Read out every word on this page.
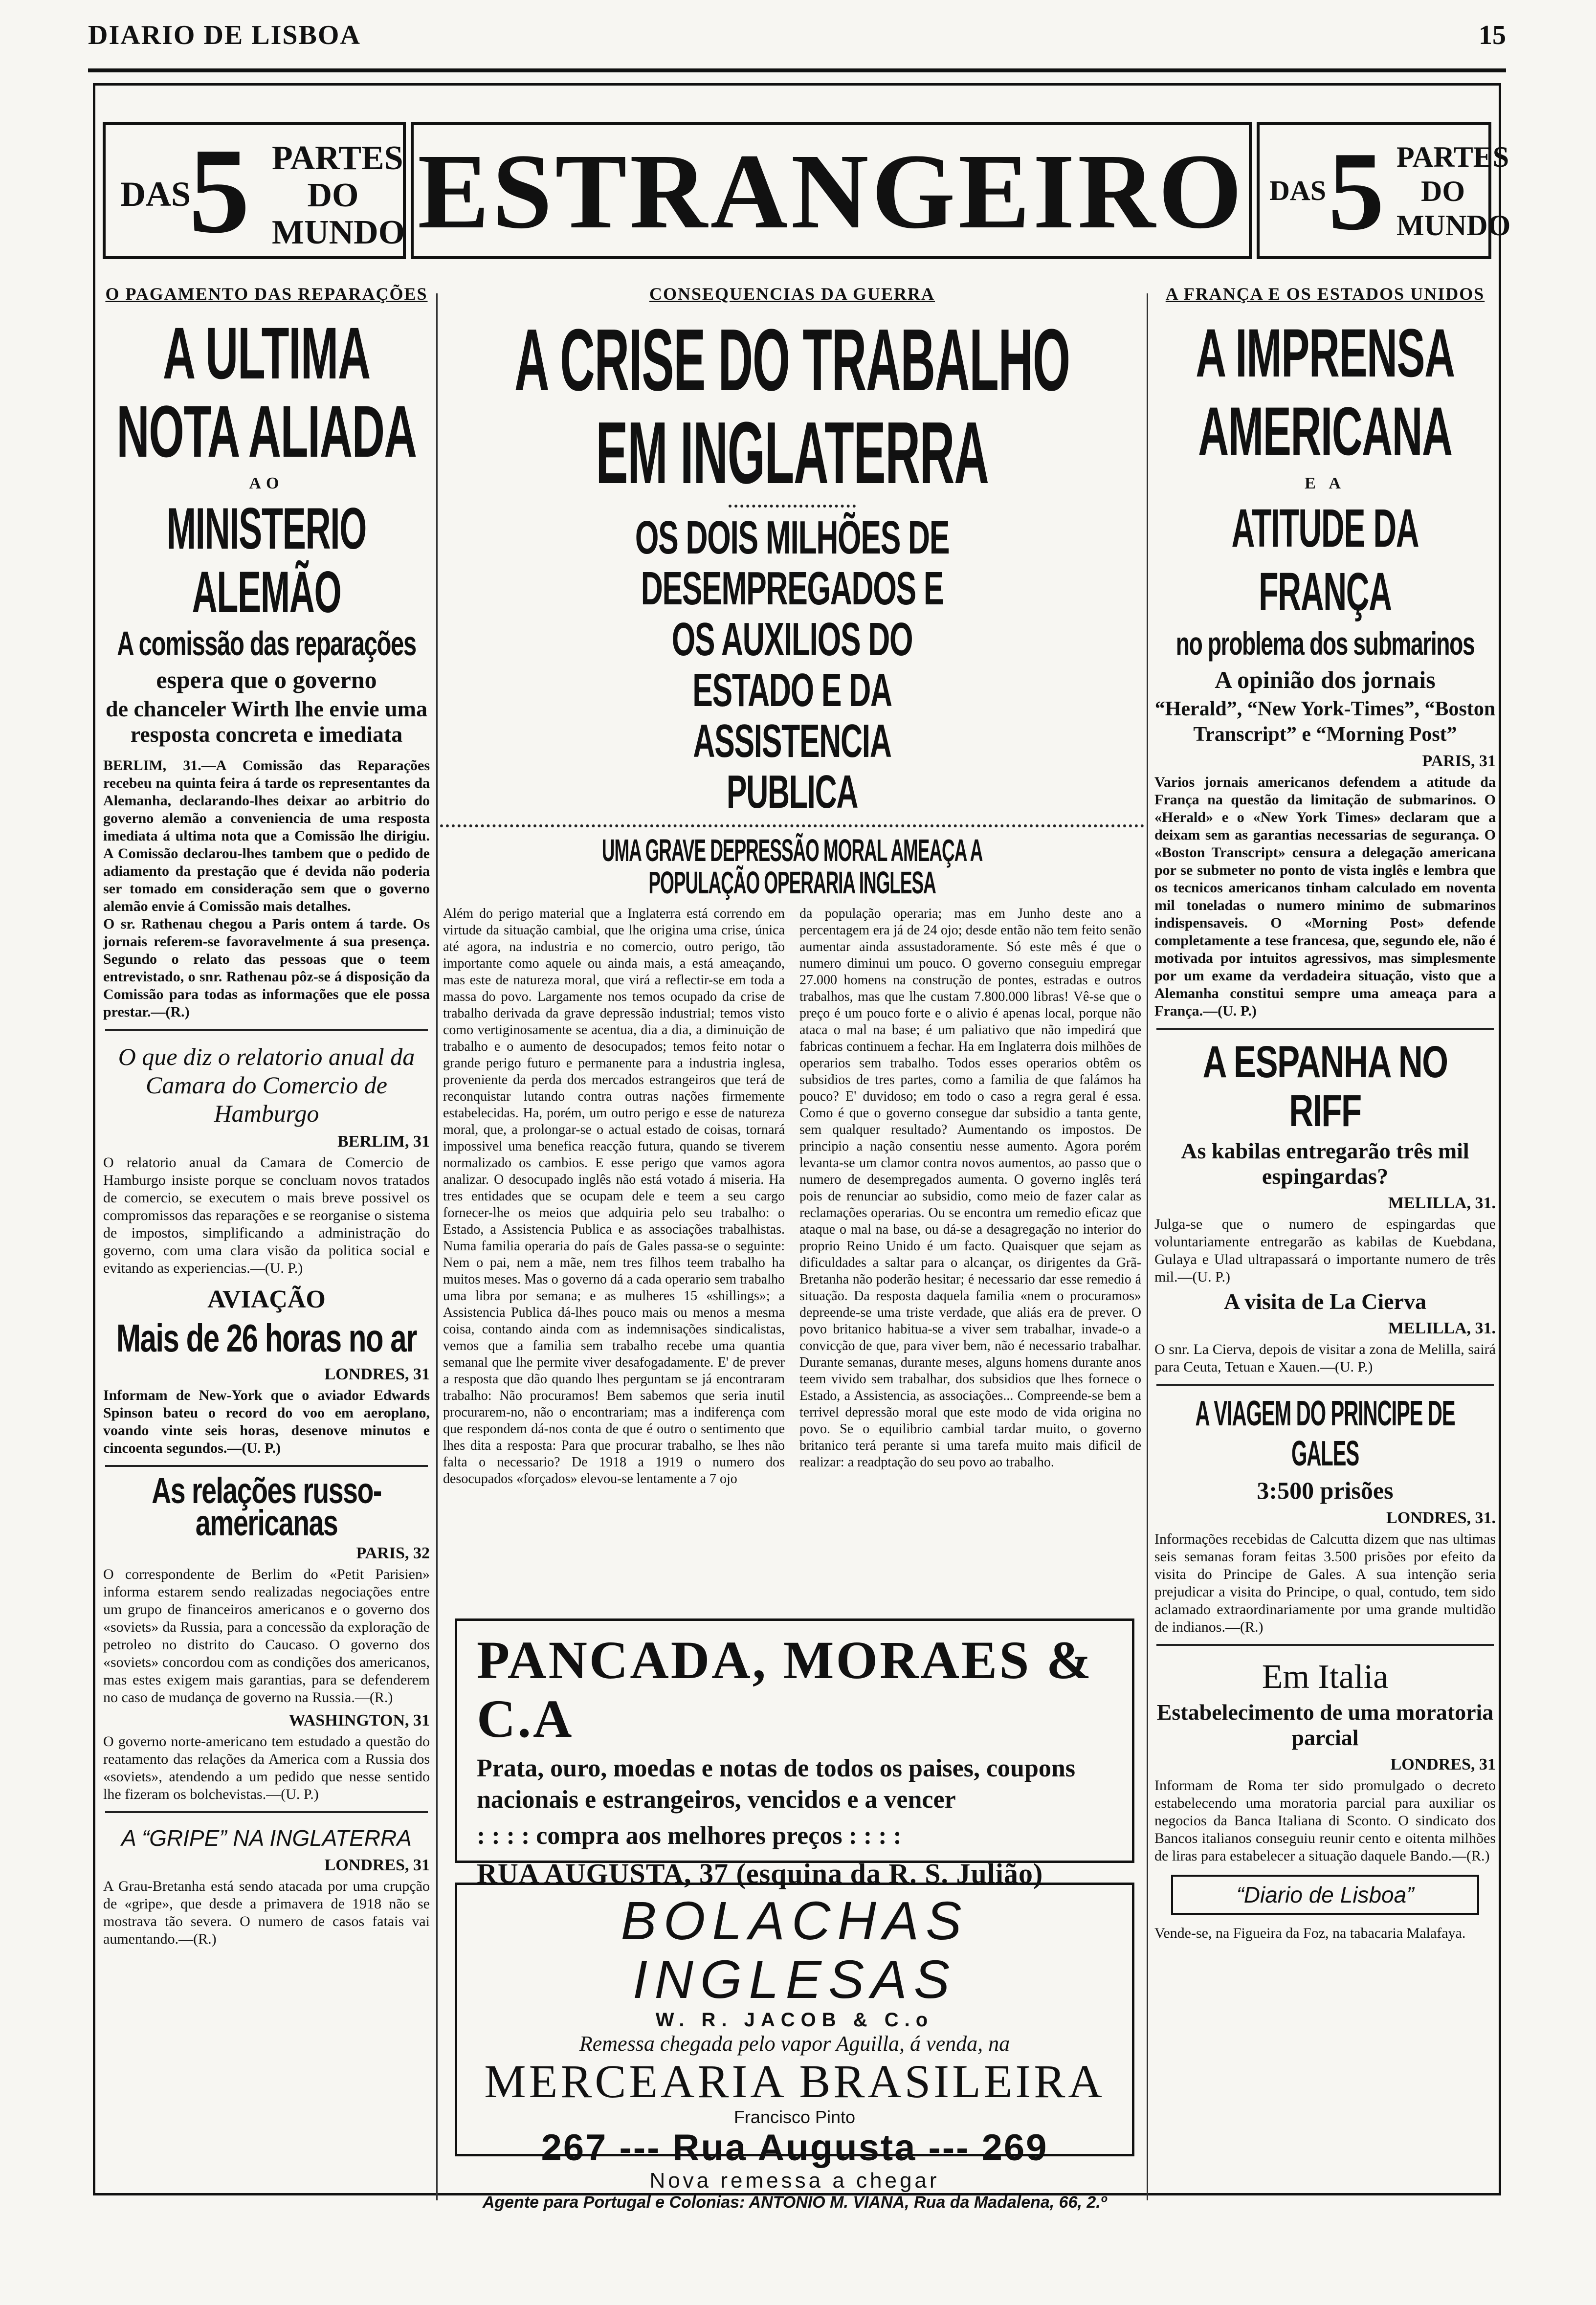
DIARIO DE LISBOA	15
DAS
5 PARTES
DO
MUNDO ESTRANGEIRO DAS 5 PARTES
DO
MUNDO
O PAGAMENTO DAS REPARAÇÕES
A ULTIMA NOTA ALIADA
AO
MINISTERIO ALEMÃO
A comissão das reparações
espera que o governo
de chanceler Wirth lhe envie uma resposta concreta e imediata

BERLIM, 31.—A Comissão das Reparações recebeu na quinta feira á tarde os representantes da Alemanha, declarando-lhes deixar ao arbitrio do governo alemão a conveniencia de uma resposta imediata á ultima nota que a Comissão lhe dirigiu. A Comissão declarou-lhes tambem que o pedido de adiamento da prestação que é devida não poderia ser tomado em consideração sem que o governo alemão envie á Comissão mais detalhes.

O sr. Rathenau chegou a Paris ontem á tarde. Os jornais referem-se favoravelmente á sua presença. Segundo o relato das pessoas que o teem entrevistado, o snr. Rathenau pôz-se á disposição da Comissão para todas as informações que ele possa prestar.—(R.)

O que diz o relatorio anual da Camara do Comercio de Hamburgo
BERLIM, 31

O relatorio anual da Camara de Comercio de Hamburgo insiste porque se concluam novos tratados de comercio, se executem o mais breve possivel os compromissos das reparações e se reorganise o sistema de impostos, simplificando a administração do governo, com uma clara visão da politica social e evitando as experiencias.—(U. P.)

AVIAÇÃO
Mais de 26 horas no ar
LONDRES, 31

Informam de New-York que o aviador Edwards Spinson bateu o record do voo em aeroplano, voando vinte seis horas, desenove minutos e cincoenta segundos.—(U. P.)

As relações russo-americanas
PARIS, 32

O correspondente de Berlim do «Petit Parisien» informa estarem sendo realizadas negociações entre um grupo de financeiros americanos e o governo dos «soviets» da Russia, para a concessão da exploração de petroleo no distrito do Caucaso. O governo dos «soviets» concordou com as condições dos americanos, mas estes exigem mais garantias, para se defenderem no caso de mudança de governo na Russia.—(R.)

WASHINGTON, 31

O governo norte-americano tem estudado a questão do reatamento das relações da America com a Russia dos «soviets», atendendo a um pedido que nesse sentido lhe fizeram os bolchevistas.—(U. P.)

A “GRIPE” NA INGLATERRA
LONDRES, 31

A Grau-Bretanha está sendo atacada por uma crupção de «gripe», que desde a primavera de 1918 não se mostrava tão severa. O numero de casos fatais vai aumentando.—(R.)

CONSEQUENCIAS DA GUERRA
A CRISE DO TRABALHO EM INGLATERRA
OS DOIS MILHÕES DE DESEMPREGADOS E OS AUXILIOS DO ESTADO E DA ASSISTENCIA PUBLICA
UMA GRAVE DEPRESSÃO MORAL AMEAÇA A POPULAÇÃO OPERARIA INGLESA

Além do perigo material que a Inglaterra está correndo em virtude da situação cambial, que lhe origina uma crise, única até agora, na industria e no comercio, outro perigo, tão importante como aquele ou ainda mais, a está ameaçando, mas este de natureza moral, que virá a reflectir-se em toda a massa do povo. Largamente nos temos ocupado da crise de trabalho derivada da grave depressão industrial; temos visto como vertiginosamente se acentua, dia a dia, a diminuição de trabalho e o aumento de desocupados; temos feito notar o grande perigo futuro e permanente para a industria inglesa, proveniente da perda dos mercados estrangeiros que terá de reconquistar lutando contra outras nações firmemente estabelecidas. Ha, porém, um outro perigo e esse de natureza moral, que, a prolongar-se o actual estado de coisas, tornará impossivel uma benefica reacção futura, quando se tiverem normalizado os cambios. E esse perigo que vamos agora analizar. O desocupado inglês não está votado á miseria. Ha tres entidades que se ocupam dele e teem a seu cargo fornecer-lhe os meios que adquiria pelo seu trabalho: o Estado, a Assistencia Publica e as associações trabalhistas. Numa familia operaria do país de Gales passa-se o seguinte: Nem o pai, nem a mãe, nem tres filhos teem trabalho ha muitos meses. Mas o governo dá a cada operario sem trabalho uma libra por semana; e as mulheres 15 «shillings»; a Assistencia Publica dá-lhes pouco mais ou menos a mesma coisa, contando ainda com as indemnisações sindicalistas, vemos que a familia sem trabalho recebe uma quantia semanal que lhe permite viver desafogadamente. E' de prever a resposta que dão quando lhes perguntam se já encontraram trabalho: Não procuramos! Bem sabemos que seria inutil procurarem-no, não o encontrariam; mas a indiferença com que respondem dá-nos conta de que é outro o sentimento que lhes dita a resposta: Para que procurar trabalho, se lhes não falta o necessario? De 1918 a 1919 o numero dos desocupados «forçados» elevou-se lentamente a 7 ojo

da população operaria; mas em Junho deste ano a percentagem era já de 24 ojo; desde então não tem feito senão aumentar ainda assustadoramente. Só este mês é que o numero diminui um pouco. O governo conseguiu empregar 27.000 homens na construção de pontes, estradas e outros trabalhos, mas que lhe custam 7.800.000 libras! Vê-se que o preço é um pouco forte e o alivio é apenas local, porque não ataca o mal na base; é um paliativo que não impedirá que fabricas continuem a fechar. Ha em Inglaterra dois milhões de operarios sem trabalho. Todos esses operarios obtêm os subsidios de tres partes, como a familia de que falámos ha pouco? E' duvidoso; em todo o caso a regra geral é essa. Como é que o governo consegue dar subsidio a tanta gente, sem qualquer resultado? Aumentando os impostos. De principio a nação consentiu nesse aumento. Agora porém levanta-se um clamor contra novos aumentos, ao passo que o numero de desempregados aumenta. O governo inglês terá pois de renunciar ao subsidio, como meio de fazer calar as reclamações operarias. Ou se encontra um remedio eficaz que ataque o mal na base, ou dá-se a desagregação no interior do proprio Reino Unido é um facto. Quaisquer que sejam as dificuldades a saltar para o alcançar, os dirigentes da Grã-Bretanha não poderão hesitar; é necessario dar esse remedio á situação. Da resposta daquela familia «nem o procuramos» depreende-se uma triste verdade, que aliás era de prever. O povo britanico habitua-se a viver sem trabalhar, invade-o a convicção de que, para viver bem, não é necessario trabalhar. Durante semanas, durante meses, alguns homens durante anos teem vivido sem trabalhar, dos subsidios que lhes fornece o Estado, a Assistencia, as associações... Compreende-se bem a terrivel depressão moral que este modo de vida origina no povo. Se o equilibrio cambial tardar muito, o governo britanico terá perante si uma tarefa muito mais dificil de realizar: a readptação do seu povo ao trabalho.

PANCADA, MORAES & C.A
Prata, ouro, moedas e notas de todos os paises, coupons nacionais e estrangeiros, vencidos e a vencer
: : : : compra aos melhores preços : : : :
RUA AUGUSTA, 37 (esquina da R. S. Julião)
BOLACHAS INGLESAS
W. R. JACOB & C.o
Remessa chegada pelo vapor Aguilla, á venda, na
MERCEARIA BRASILEIRA
Francisco Pinto
267 --- Rua Augusta --- 269
Nova remessa a chegar
Agente para Portugal e Colonias: ANTONIO M. VIANA, Rua da Madalena, 66, 2.º
A FRANÇA E OS ESTADOS UNIDOS
A IMPRENSA AMERICANA
E A
ATITUDE DA FRANÇA
no problema dos submarinos
A opinião dos jornais
“Herald”, “New York-Times”, “Boston Transcript” e “Morning Post”
PARIS, 31

Varios jornais americanos defendem a atitude da França na questão da limitação de submarinos. O «Herald» e o «New York Times» declaram que a deixam sem as garantias necessarias de segurança. O «Boston Transcript» censura a delegação americana por se submeter no ponto de vista inglês e lembra que os tecnicos americanos tinham calculado em noventa mil toneladas o numero minimo de submarinos indispensaveis. O «Morning Post» defende completamente a tese francesa, que, segundo ele, não é motivada por intuitos agressivos, mas simplesmente por um exame da verdadeira situação, visto que a Alemanha constitui sempre uma ameaça para a França.—(U. P.)

A ESPANHA NO RIFF
As kabilas entregarão três mil espingardas?
MELILLA, 31.

Julga-se que o numero de espingardas que voluntariamente entregarão as kabilas de Kuebdana, Gulaya e Ulad ultrapassará o importante numero de três mil.—(U. P.)

A visita de La Cierva
MELILLA, 31.

O snr. La Cierva, depois de visitar a zona de Melilla, sairá para Ceuta, Tetuan e Xauen.—(U. P.)

A VIAGEM DO PRINCIPE DE GALES
3:500 prisões
LONDRES, 31.

Informações recebidas de Calcutta dizem que nas ultimas seis semanas foram feitas 3.500 prisões por efeito da visita do Principe de Gales. A sua intenção seria prejudicar a visita do Principe, o qual, contudo, tem sido aclamado extraordinariamente por uma grande multidão de indianos.—(R.)

Em Italia
Estabelecimento de uma moratoria parcial
LONDRES, 31

Informam de Roma ter sido promulgado o decreto estabelecendo uma moratoria parcial para auxiliar os negocios da Banca Italiana di Sconto. O sindicato dos Bancos italianos conseguiu reunir cento e oitenta milhões de liras para estabelecer a situação daquele Bando.—(R.)

“Diario de Lisboa”

Vende-se, na Figueira da Foz, na tabacaria Malafaya.
